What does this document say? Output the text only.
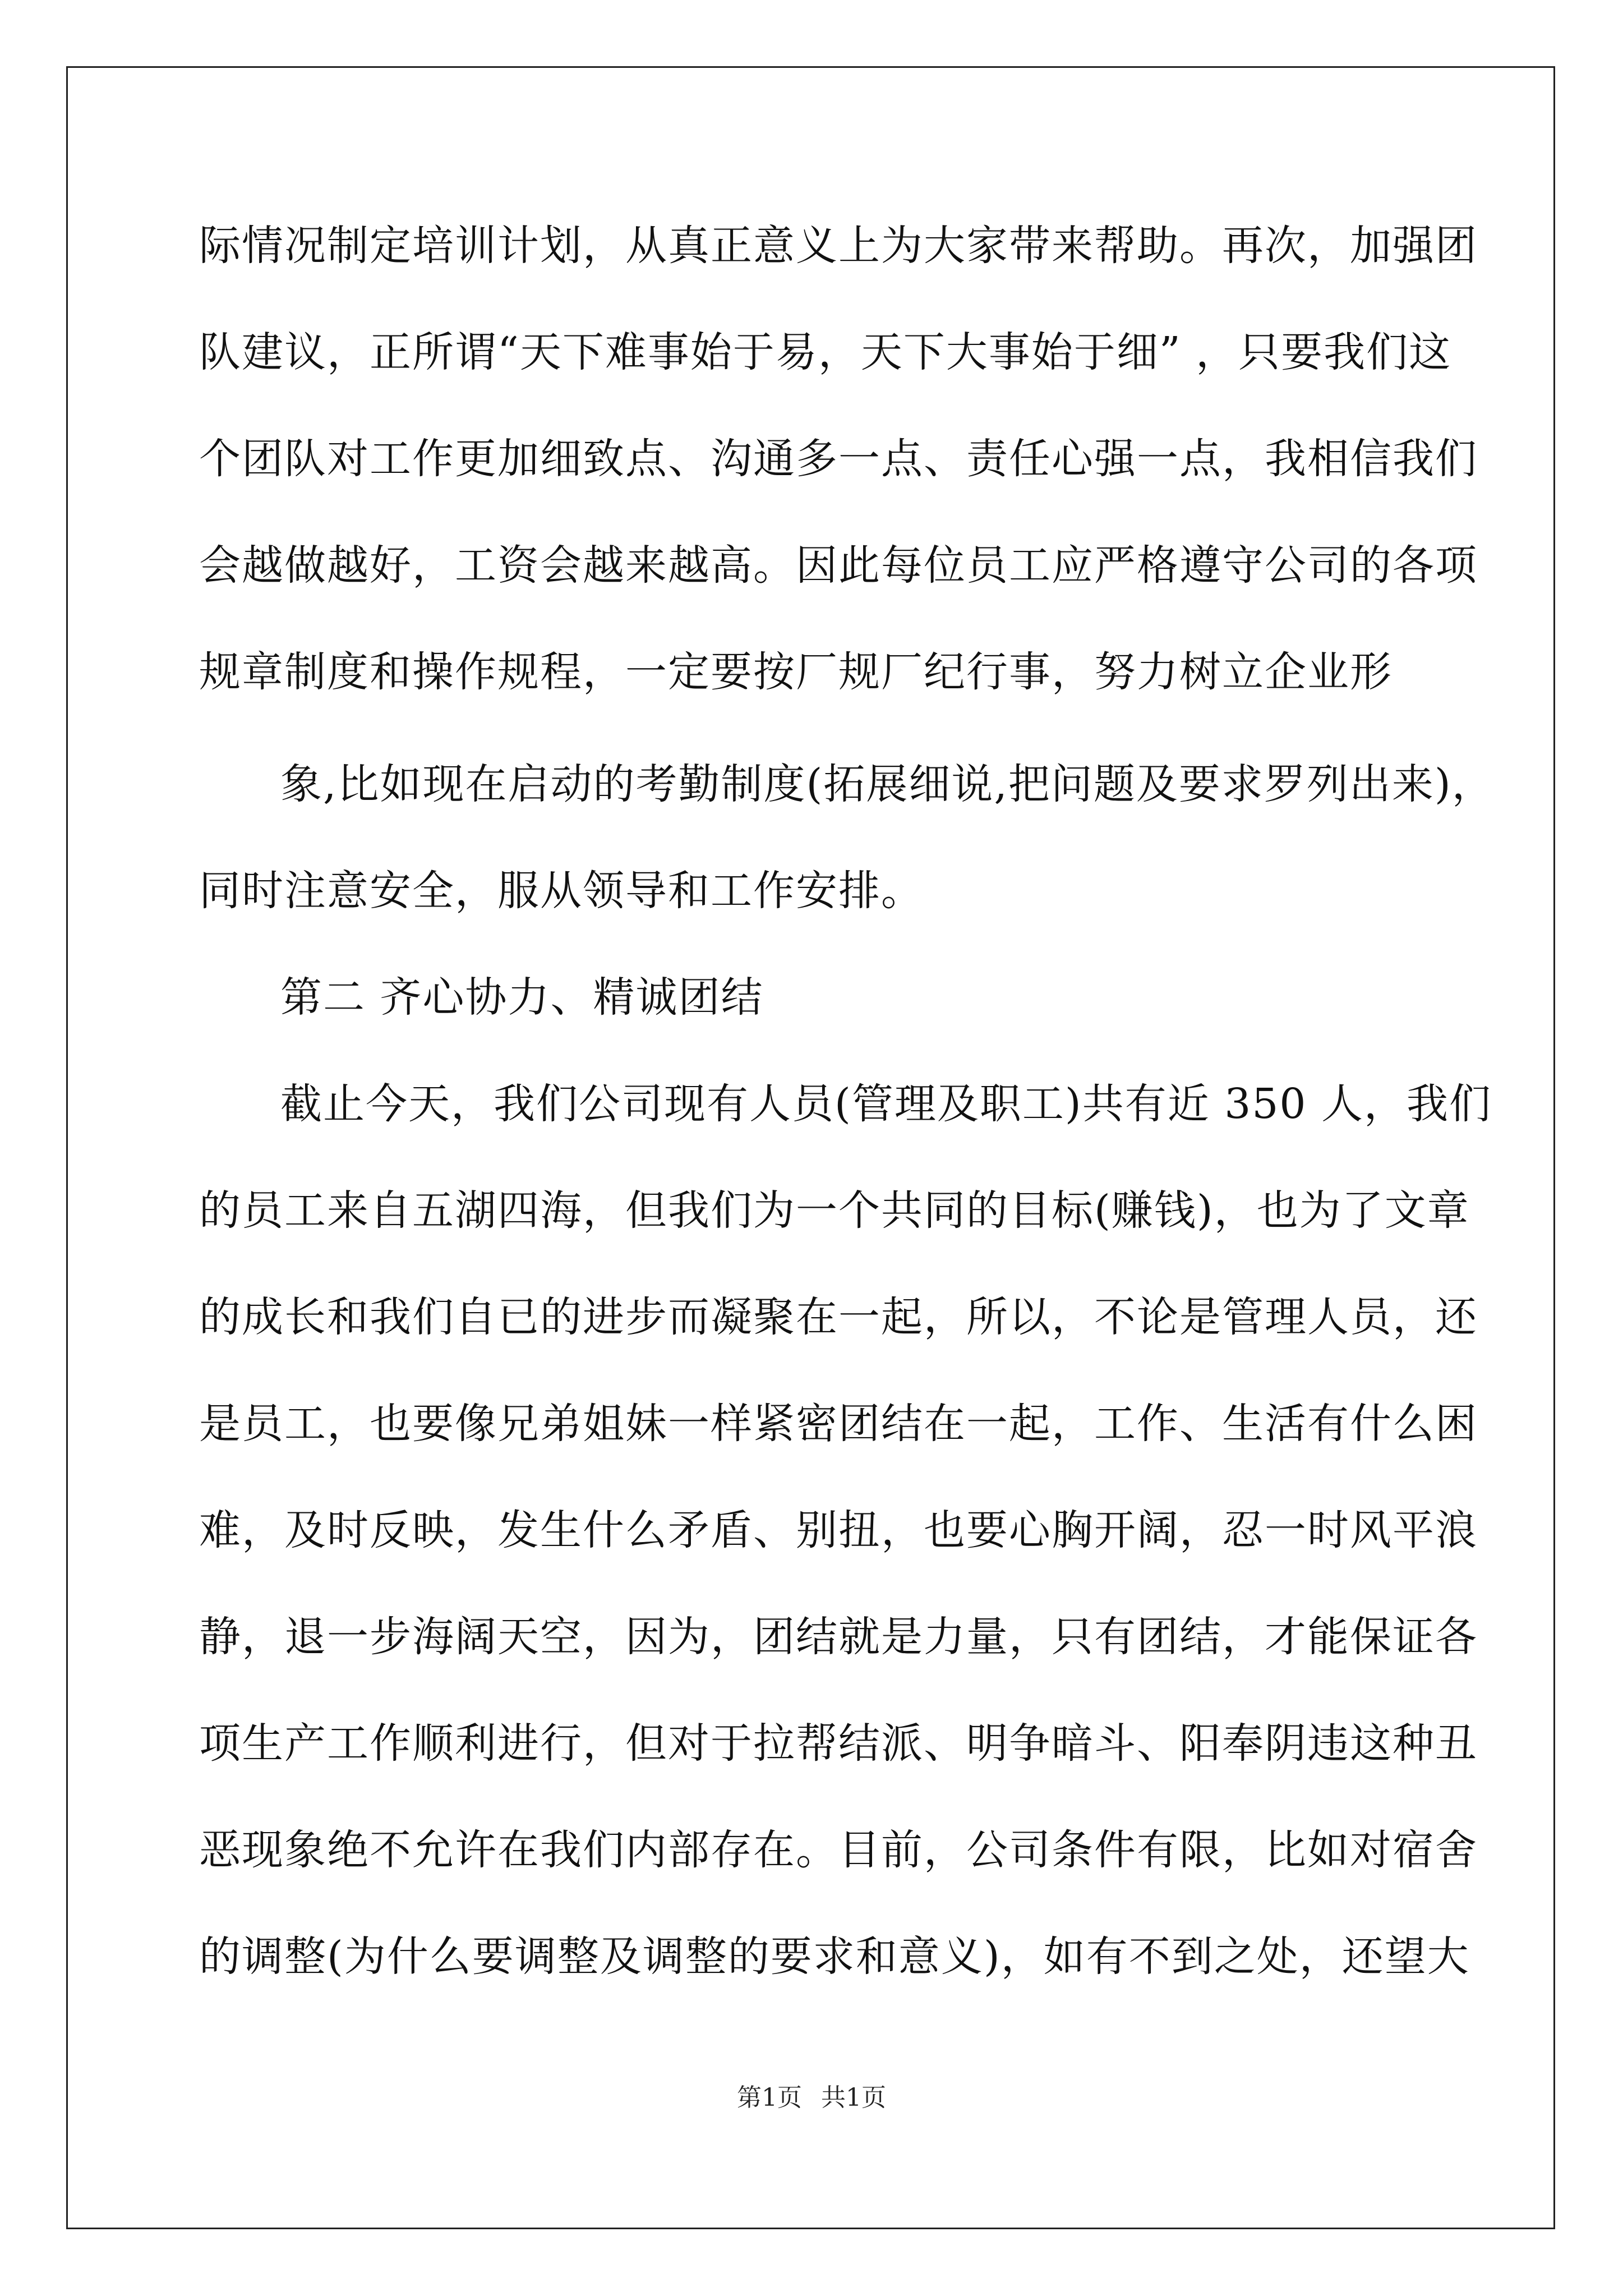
际情况制定培训计划，从真正意义上为大家带来帮助。再次，加强团
队建议，正所谓“天下难事始于易，天下大事始于细” ，只要我们这
个团队对工作更加细致点、沟通多一点、责任心强一点，我相信我们
会越做越好，工资会越来越高。因此每位员工应严格遵守公司的各项
规章制度和操作规程，一定要按厂规厂纪行事，努力树立企业形
象,比如现在启动的考勤制度(拓展细说,把问题及要求罗列出来)，
同时注意安全，服从领导和工作安排。
第二 齐心协力、精诚团结
截止今天，我们公司现有人员(管理及职工)共有近 350 人，我们
的员工来自五湖四海，但我们为一个共同的目标(赚钱)，也为了文章
的成长和我们自已的进步而凝聚在一起，所以，不论是管理人员，还
是员工，也要像兄弟姐妹一样紧密团结在一起，工作、生活有什么困
难，及时反映，发生什么矛盾、别扭，也要心胸开阔，忍一时风平浪
静，退一步海阔天空，因为，团结就是力量，只有团结，才能保证各
项生产工作顺利进行，但对于拉帮结派、明争暗斗、阳奉阴违这种丑
恶现象绝不允许在我们内部存在。目前，公司条件有限，比如对宿舍
的调整(为什么要调整及调整的要求和意义)，如有不到之处，还望大
第1页 共1页
